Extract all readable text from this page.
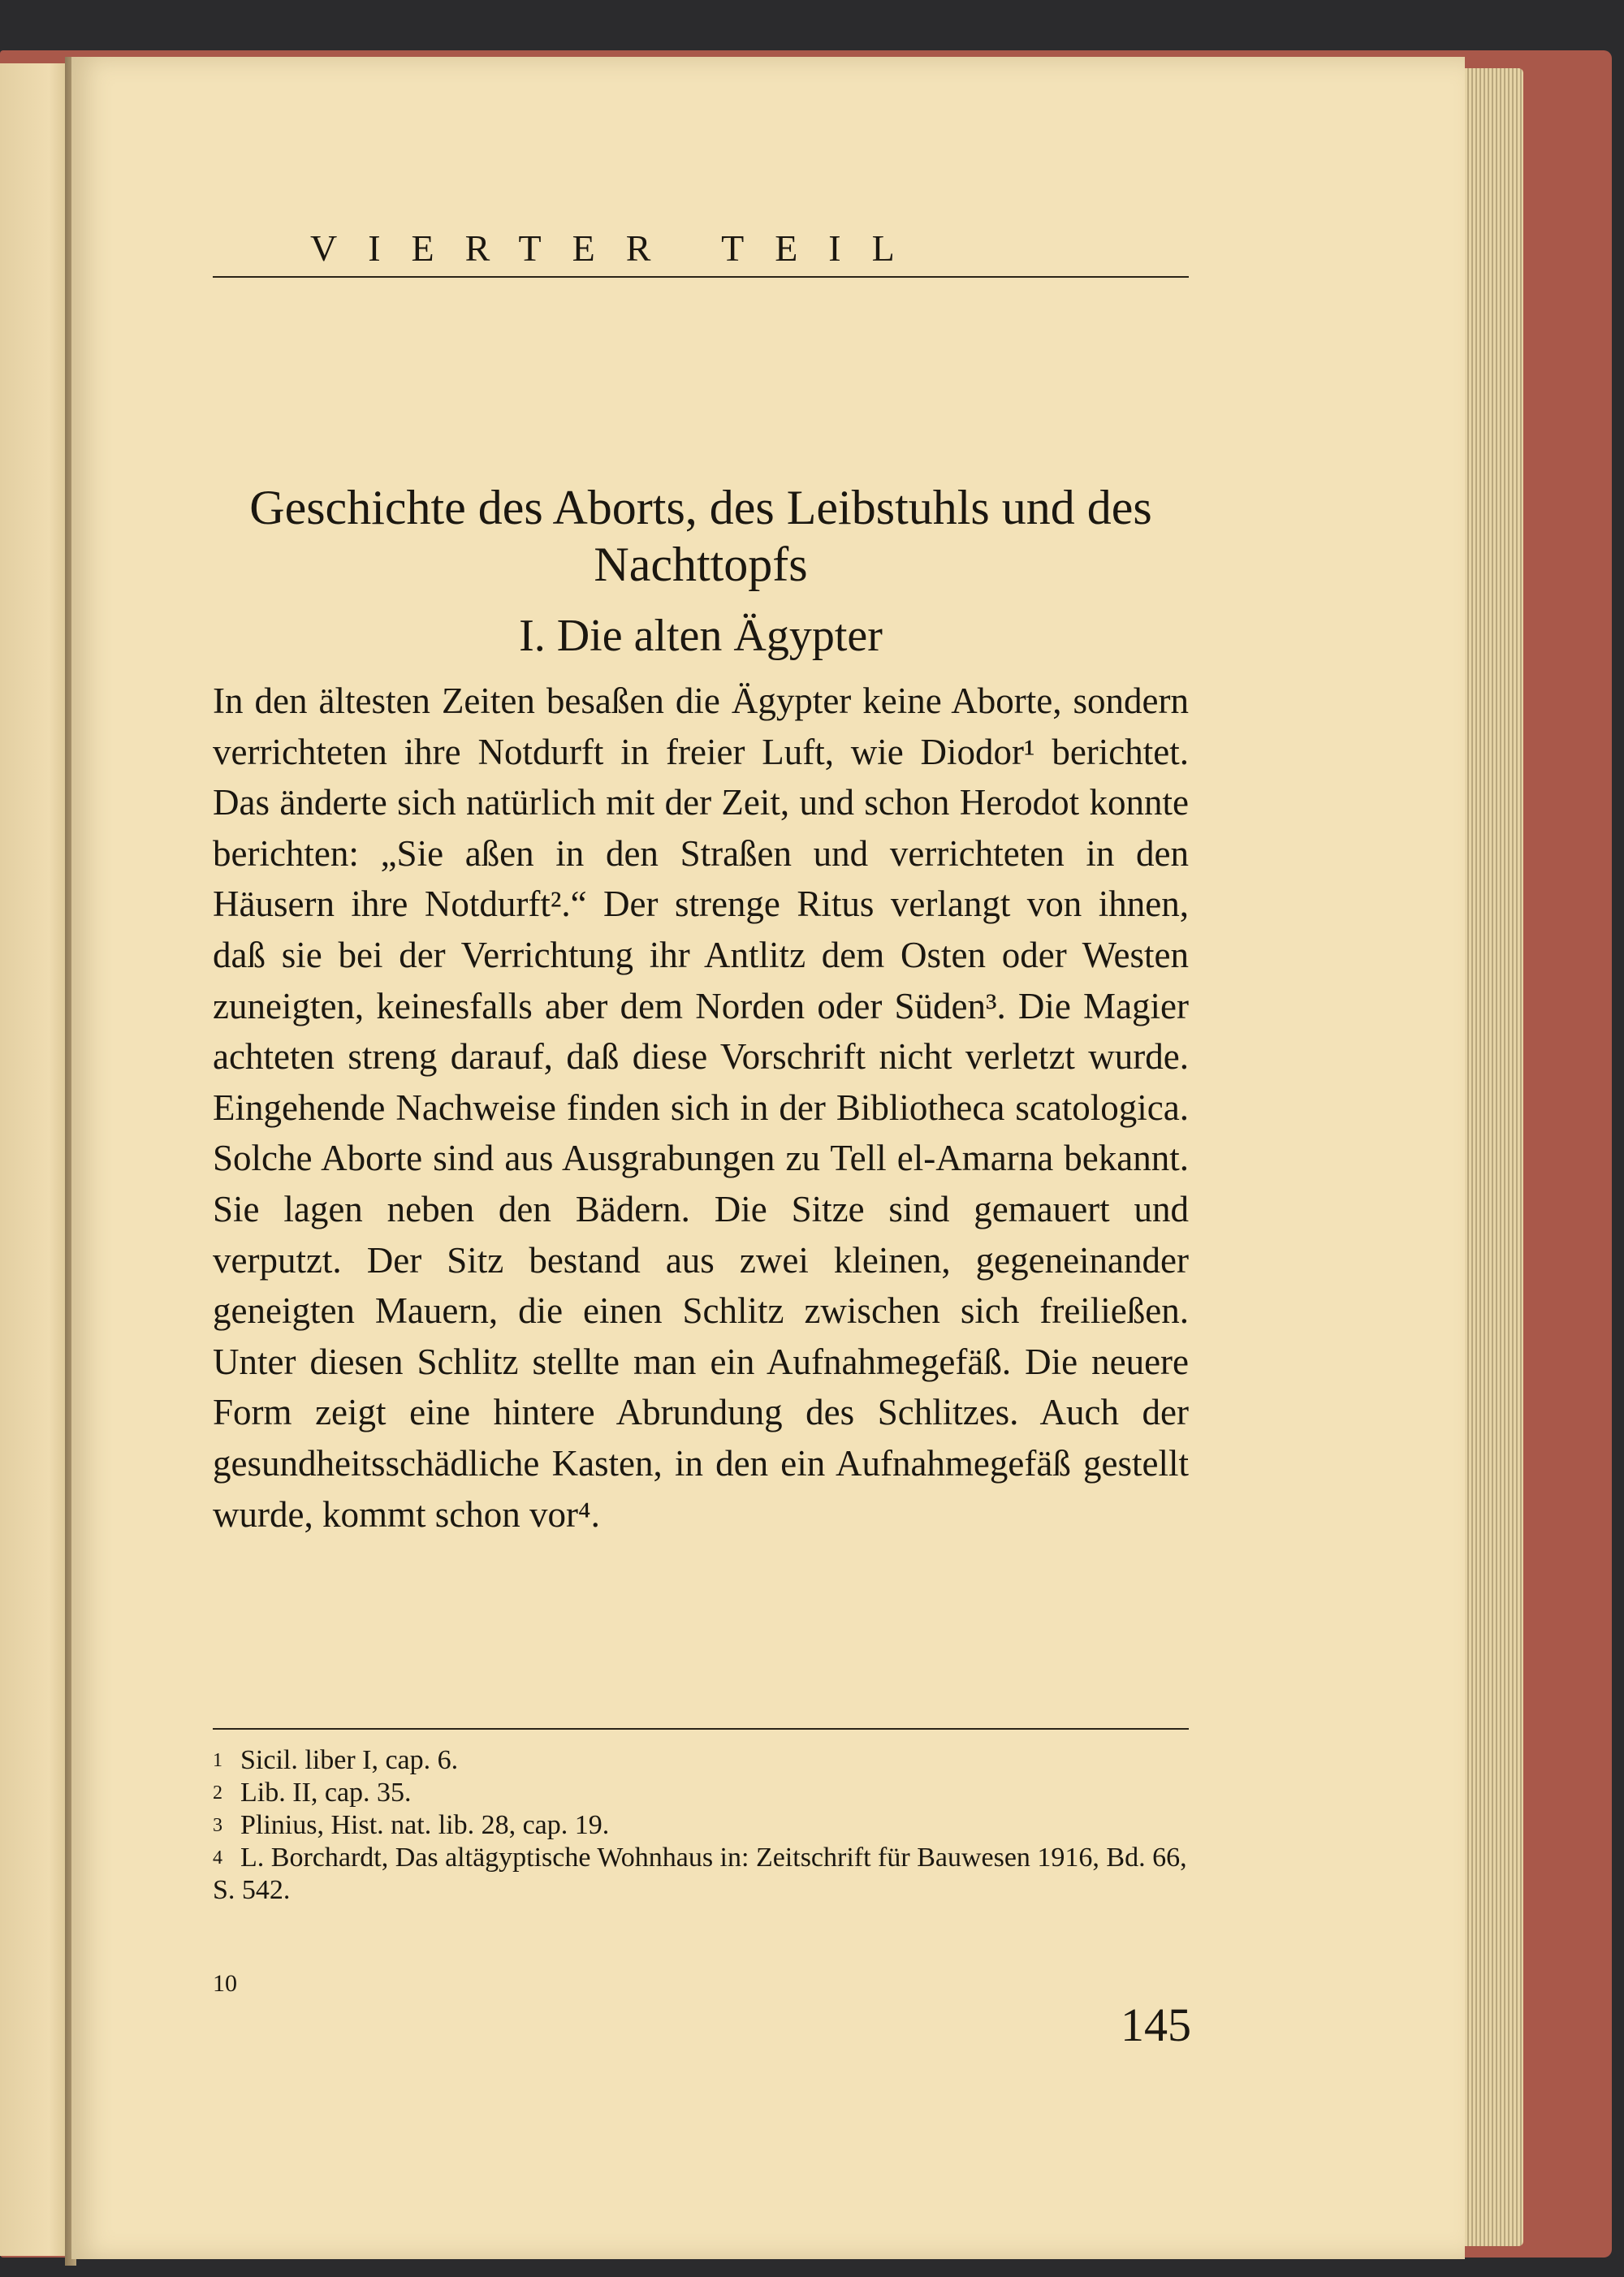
VIERTER TEIL
Geschichte des Aborts, des Leibstuhls und des Nachttopfs
I. Die alten Ägypter

In den ältesten Zeiten besaßen die Ägypter keine Aborte, sondern verrichteten ihre Notdurft in freier Luft, wie Diodor¹ berichtet. Das änderte sich natürlich mit der Zeit, und schon Herodot konnte berichten: „Sie aßen in den Straßen und verrichteten in den Häusern ihre Notdurft².“ Der strenge Ritus verlangt von ihnen, daß sie bei der Verrichtung ihr Antlitz dem Osten oder Westen zuneigten, keinesfalls aber dem Norden oder Süden³. Die Magier achteten streng darauf, daß diese Vorschrift nicht verletzt wurde. Eingehende Nachweise finden sich in der Bibliotheca scatologica. Solche Aborte sind aus Ausgrabungen zu Tell el-Amarna bekannt. Sie lagen neben den Bädern. Die Sitze sind gemauert und verputzt. Der Sitz bestand aus zwei kleinen, gegeneinander geneigten Mauern, die einen Schlitz zwischen sich freiließen. Unter diesen Schlitz stellte man ein Aufnahmegefäß. Die neuere Form zeigt eine hintere Abrundung des Schlitzes. Auch der gesundheitsschädliche Kasten, in den ein Aufnahmegefäß gestellt wurde, kommt schon vor⁴.

1 Sicil. liber I, cap. 6.

2 Lib. II, cap. 35.

3 Plinius, Hist. nat. lib. 28, cap. 19.

4 L. Borchardt, Das altägyptische Wohnhaus in: Zeitschrift für Bauwesen 1916, Bd. 66, S. 542.

10
145
